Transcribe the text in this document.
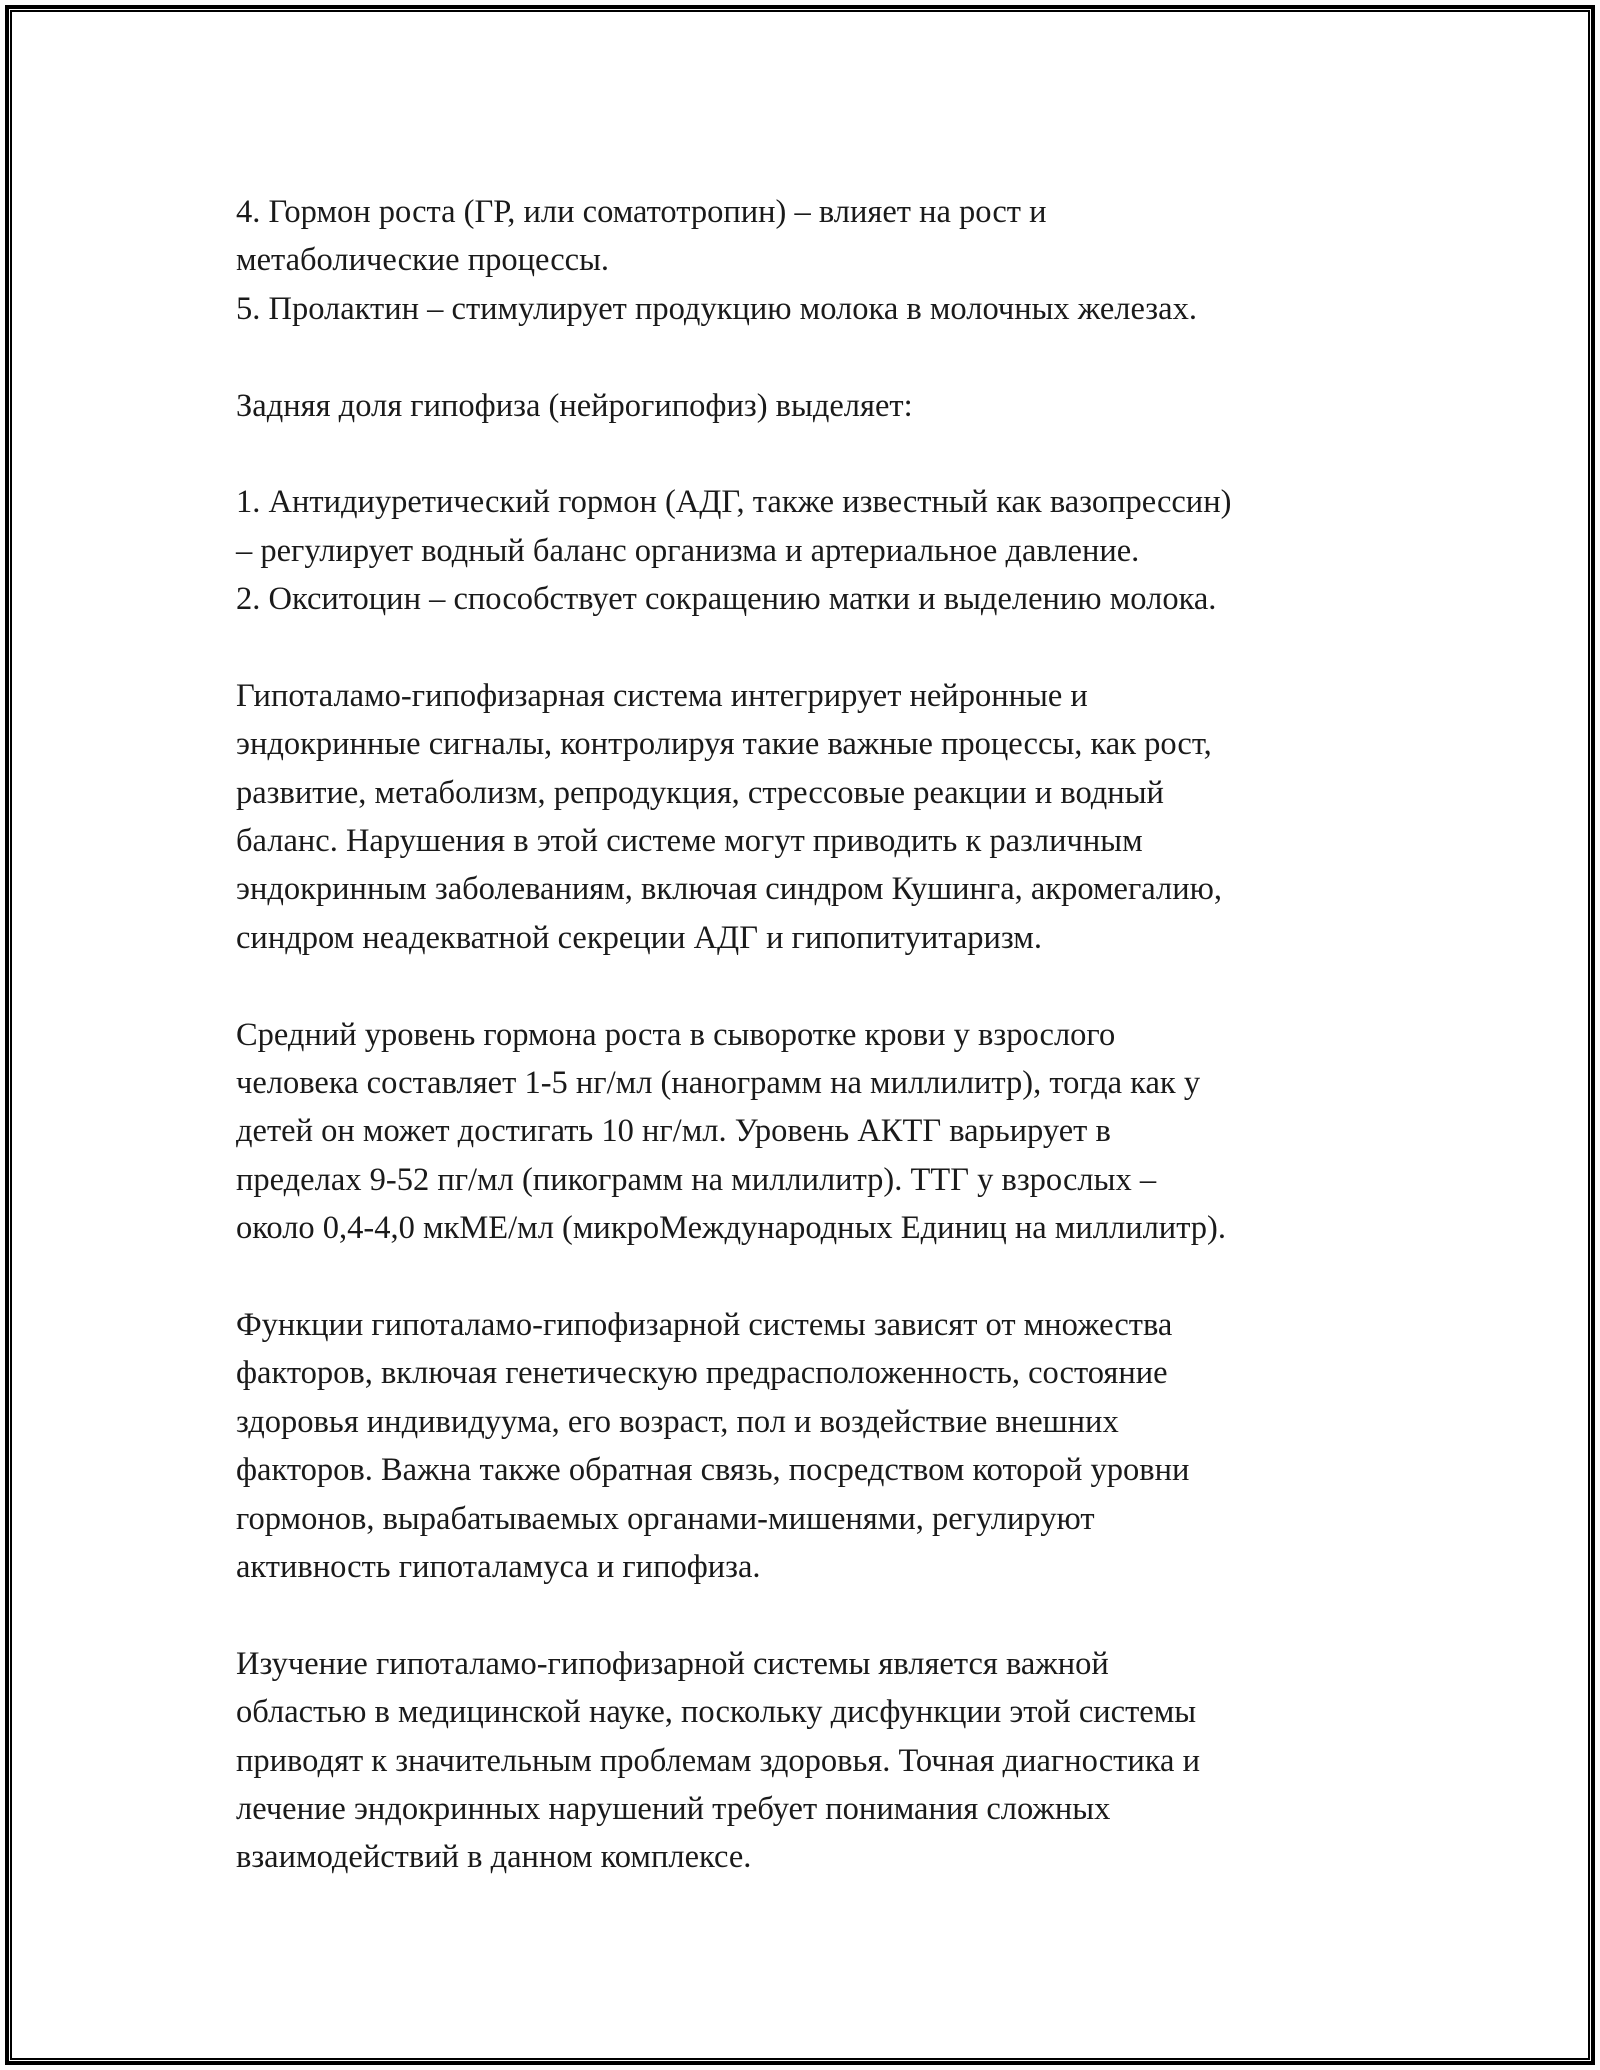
4. Гормон роста (ГР, или соматотропин) – влияет на рост и
метаболические процессы.
5. Пролактин – стимулирует продукцию молока в молочных железах.
Задняя доля гипофиза (нейрогипофиз) выделяет:
1. Антидиуретический гормон (АДГ, также известный как вазопрессин)
– регулирует водный баланс организма и артериальное давление.
2. Окситоцин – способствует сокращению матки и выделению молока.
Гипоталамо-гипофизарная система интегрирует нейронные и
эндокринные сигналы, контролируя такие важные процессы, как рост,
развитие, метаболизм, репродукция, стрессовые реакции и водный
баланс. Нарушения в этой системе могут приводить к различным
эндокринным заболеваниям, включая синдром Кушинга, акромегалию,
синдром неадекватной секреции АДГ и гипопитуитаризм.
Средний уровень гормона роста в сыворотке крови у взрослого
человека составляет 1-5 нг/мл (нанограмм на миллилитр), тогда как у
детей он может достигать 10 нг/мл. Уровень АКТГ варьирует в
пределах 9-52 пг/мл (пикограмм на миллилитр). ТТГ у взрослых –
около 0,4-4,0 мкМЕ/мл (микроМеждународных Единиц на миллилитр).
Функции гипоталамо-гипофизарной системы зависят от множества
факторов, включая генетическую предрасположенность, состояние
здоровья индивидуума, его возраст, пол и воздействие внешних
факторов. Важна также обратная связь, посредством которой уровни
гормонов, вырабатываемых органами-мишенями, регулируют
активность гипоталамуса и гипофиза.
Изучение гипоталамо-гипофизарной системы является важной
областью в медицинской науке, поскольку дисфункции этой системы
приводят к значительным проблемам здоровья. Точная диагностика и
лечение эндокринных нарушений требует понимания сложных
взаимодействий в данном комплексе.
